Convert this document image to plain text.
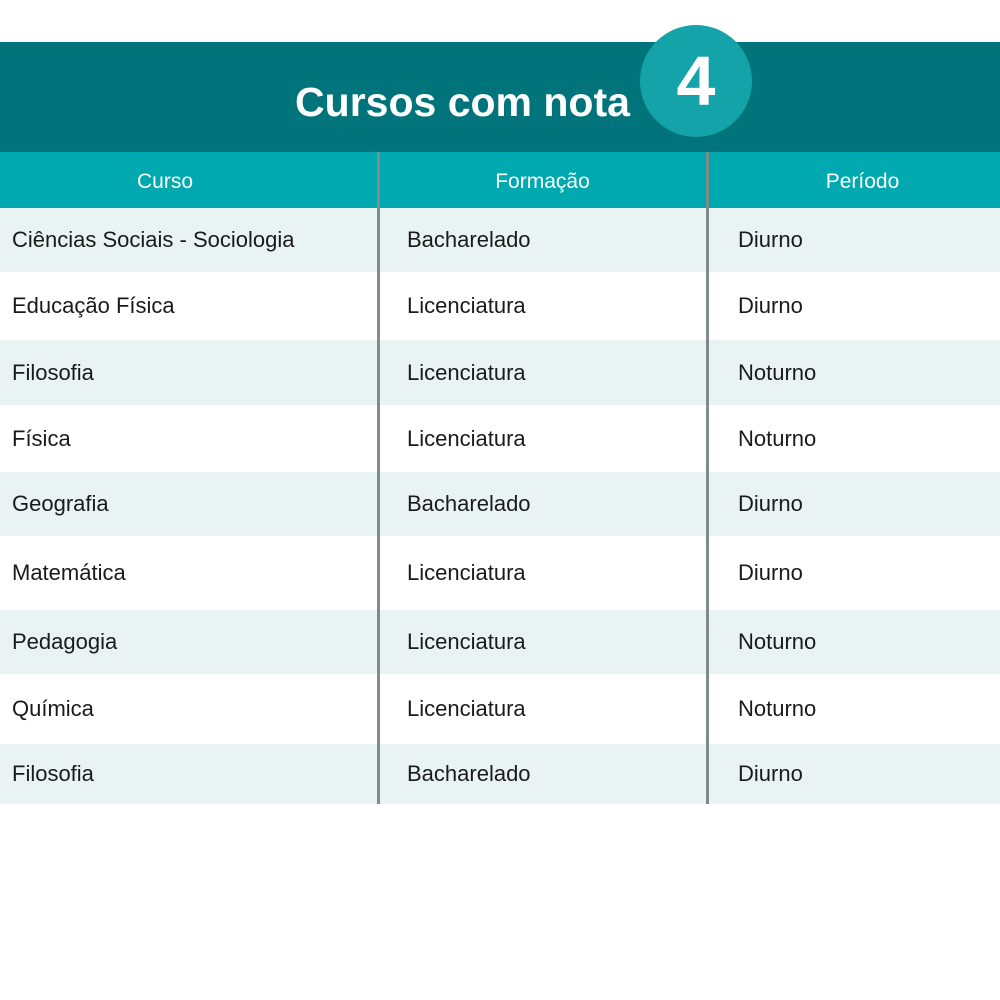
Cursos com nota 4
Curso	Formação	Período
Ciências Sociais - Sociologia	Bacharelado	Diurno
Educação Física	Licenciatura	Diurno
Filosofia	Licenciatura	Noturno
Física	Licenciatura	Noturno
Geografia	Bacharelado	Diurno
Matemática	Licenciatura	Diurno
Pedagogia	Licenciatura	Noturno
Química	Licenciatura	Noturno
Filosofia	Bacharelado	Diurno
